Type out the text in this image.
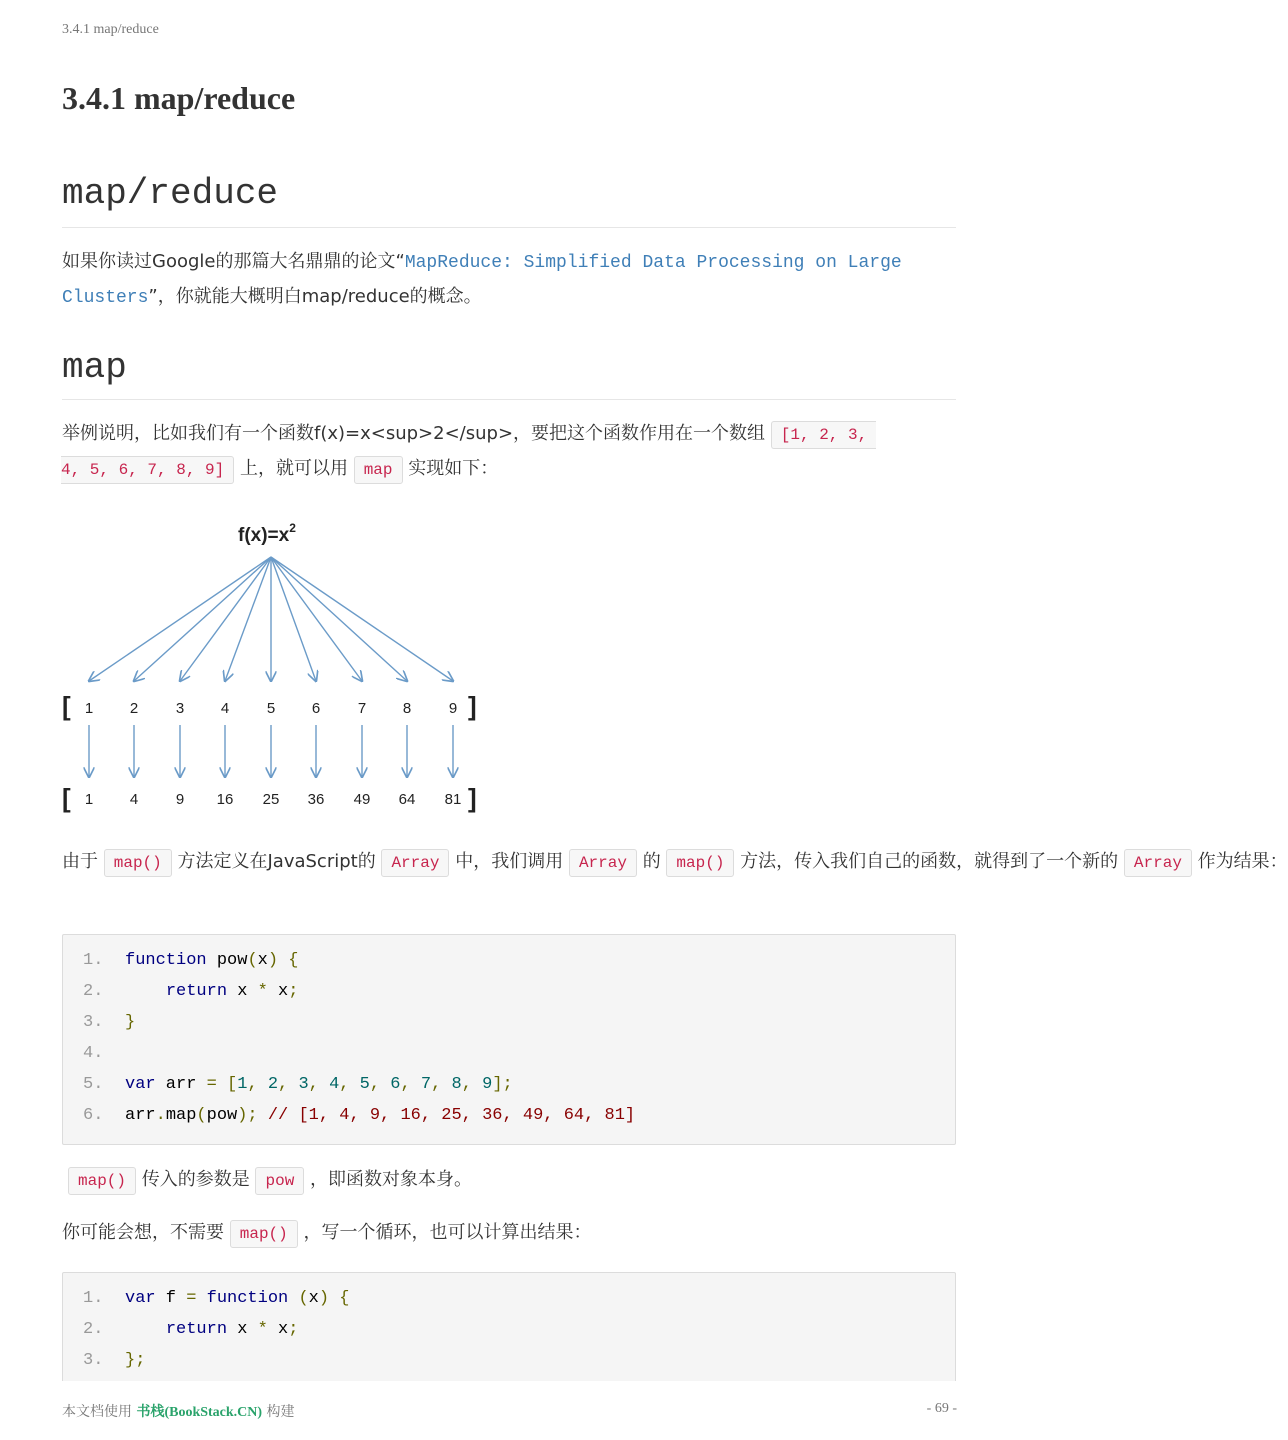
3.4.1 map/reduce
3.4.1 map/reduce
map/reduce

如果你读过Google的那篇大名鼎鼎的论文“MapReduce: Simplified Data Processing on Large Clusters”，你就能大概明白map/reduce的概念。

map
举例说明，比如我们有一个函数f(x)=x<sup>2</sup>，要把这个函数作用在一个数组 [1, 2, 3,
4, 5, 6, 7, 8, 9] 上，就可以用 map 实现如下：
$f(x)=x^2$
[	]
[	]
1 2	3 4	5 6	7 8	9
1 4	9 16 25 36 49 64 81
由于 map() 方法定义在JavaScript的 Array 中，我们调用 Array 的 map() 方法，传入我们自己的函数，就得到了一个新的 Array 作为结果：
1. function pow(x) {
2.	return x * x;
3. }
4.
5. var arr = [1, 2, 3, 4, 5, 6, 7, 8, 9];
6. arr.map(pow); // [1, 4, 9, 16, 25, 36, 49, 64, 81]
map() 传入的参数是 pow ，即函数对象本身。
你可能会想，不需要 map() ，写一个循环，也可以计算出结果：
1. var f = function (x) {
2.	return x * x;
3. };
本文档使用 书栈(BookStack.CN) 构建	- 69 -
